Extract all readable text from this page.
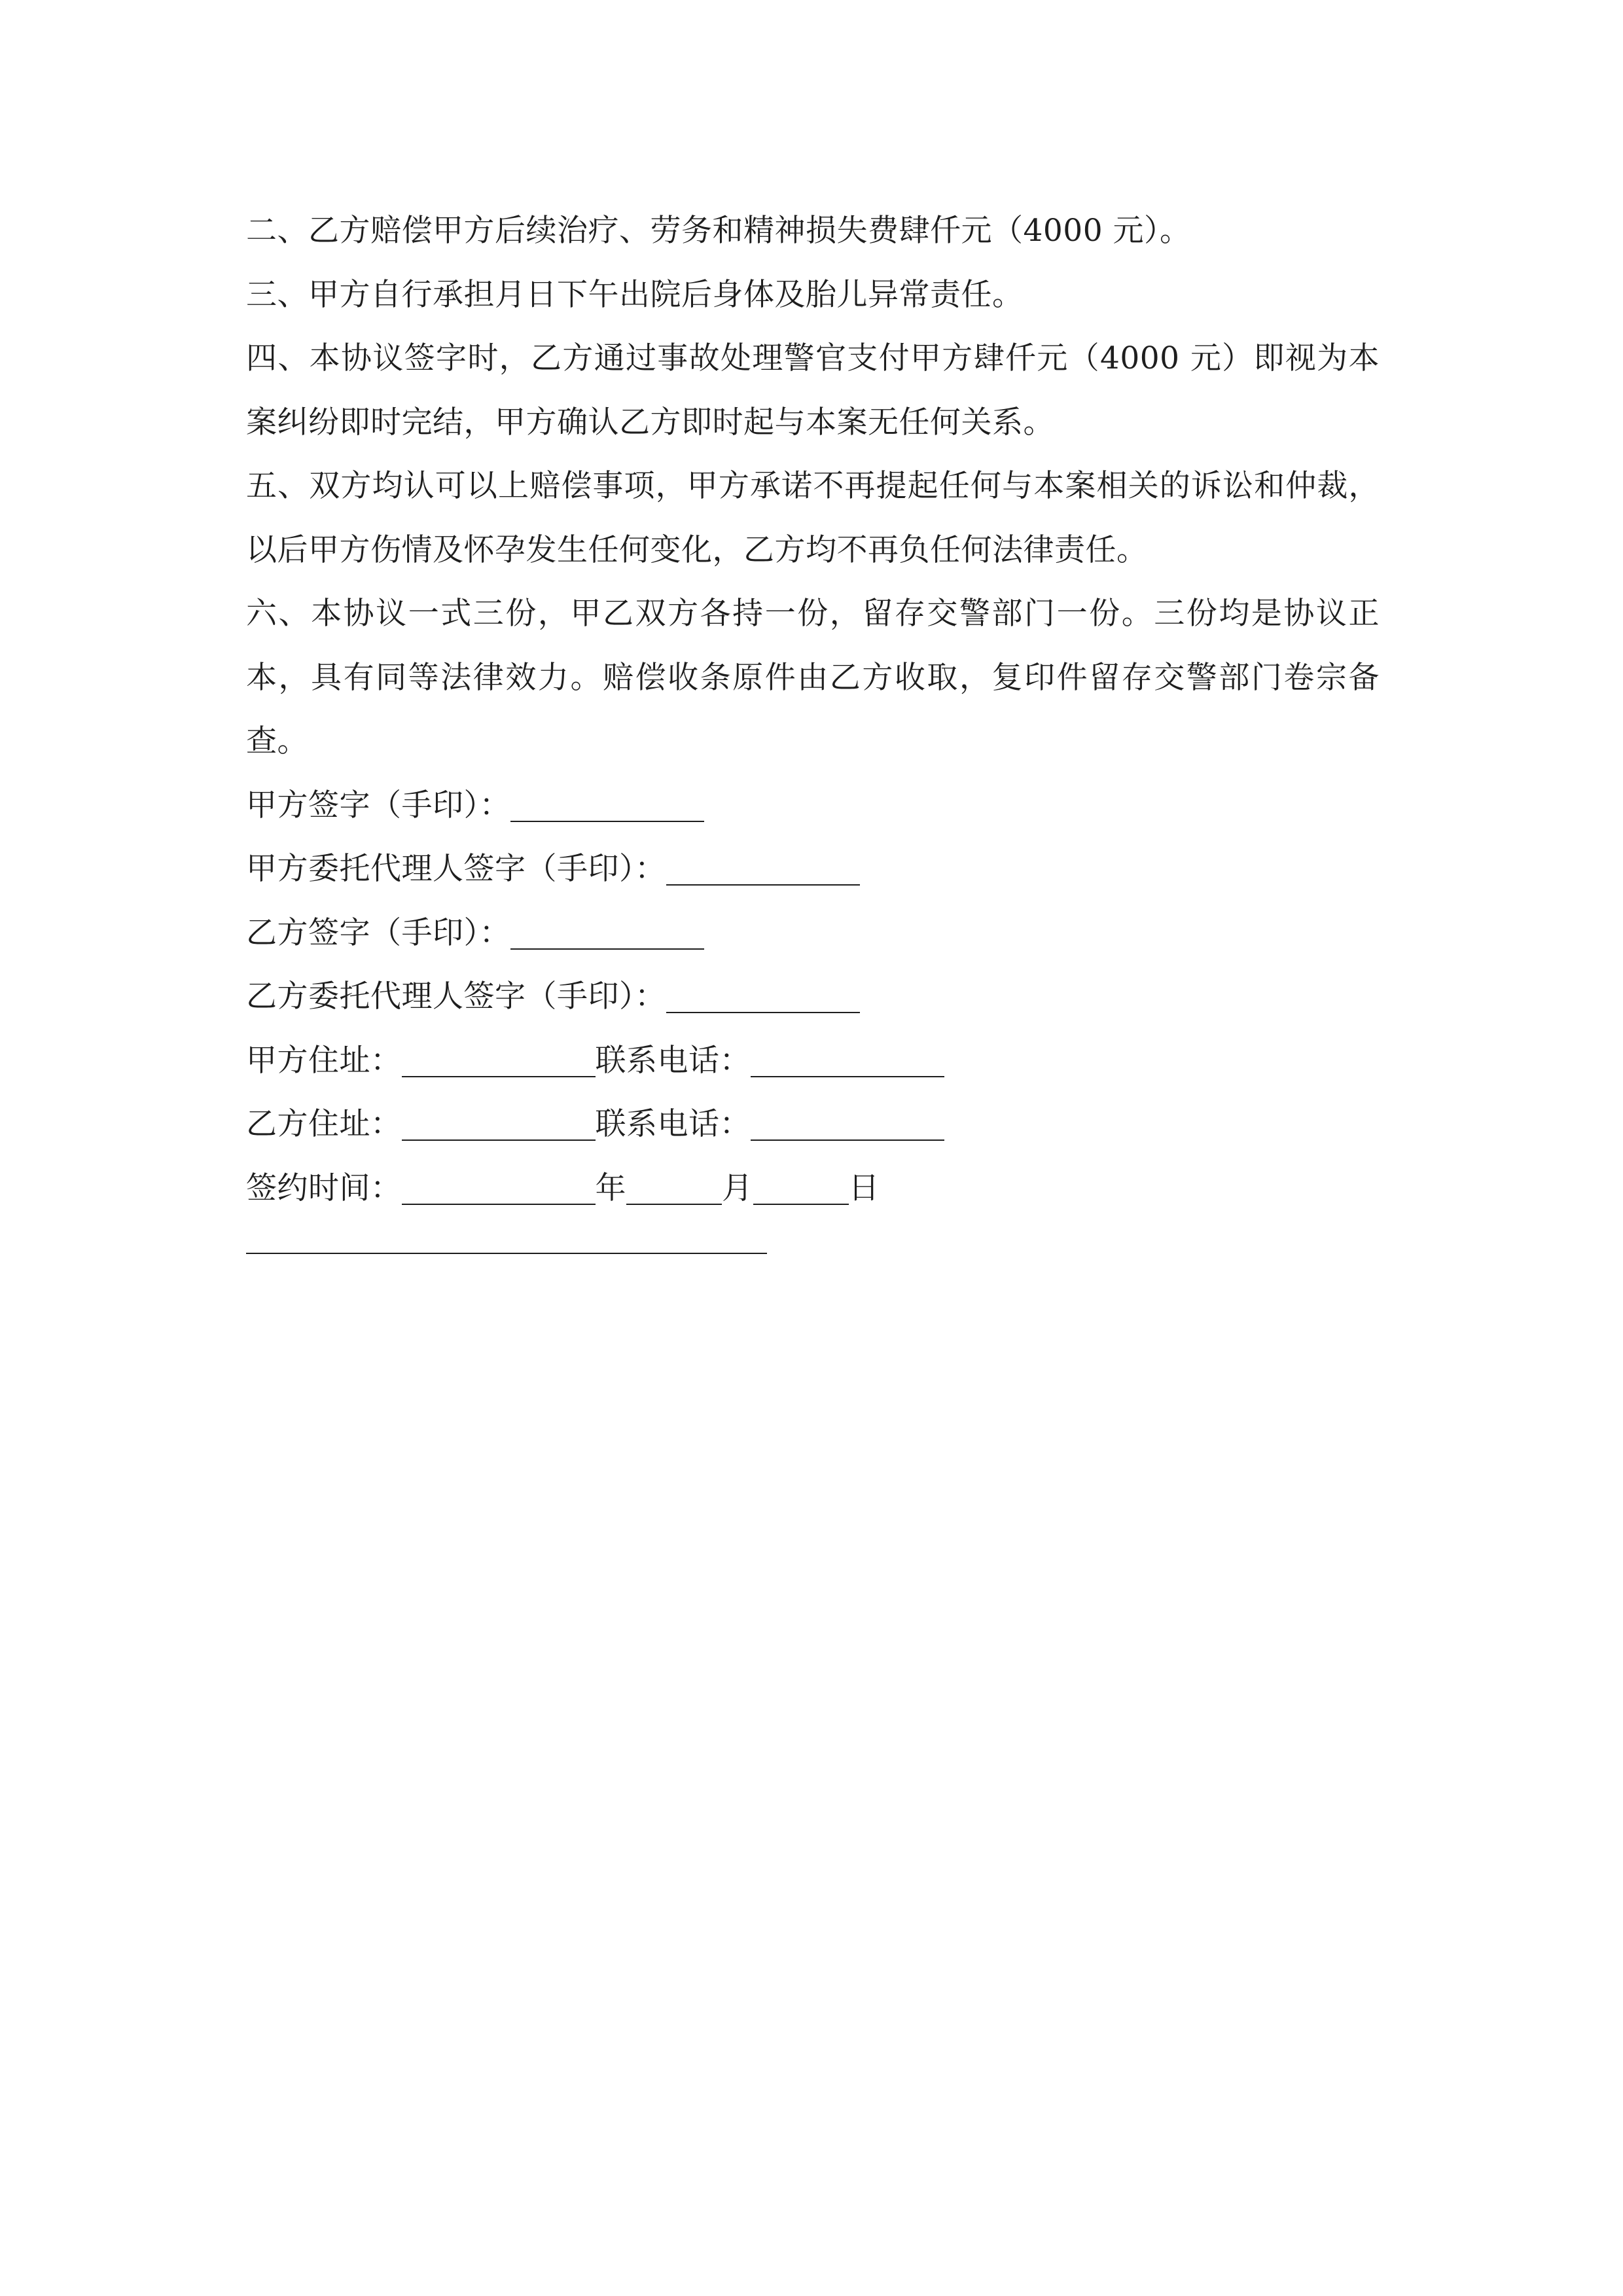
二、乙方赔偿甲方后续治疗、劳务和精神损失费肆仟元（4000 元）。

三、甲方自行承担月日下午出院后身体及胎儿异常责任。

四、本协议签字时，乙方通过事故处理警官支付甲方肆仟元（4000 元）即视为本案纠纷即时完结，甲方确认乙方即时起与本案无任何关系。

五、双方均认可以上赔偿事项，甲方承诺不再提起任何与本案相关的诉讼和仲裁，以后甲方伤情及怀孕发生任何变化，乙方均不再负任何法律责任。

六、本协议一式三份，甲乙双方各持一份，留存交警部门一份。三份均是协议正本，具有同等法律效力。赔偿收条原件由乙方收取，复印件留存交警部门卷宗备查。

甲方签字（手印）：
甲方委托代理人签字（手印）：
乙方签字（手印）：
乙方委托代理人签字（手印）：
甲方住址：	联系电话：
乙方住址：	联系电话：
签约时间：	年	月	日
